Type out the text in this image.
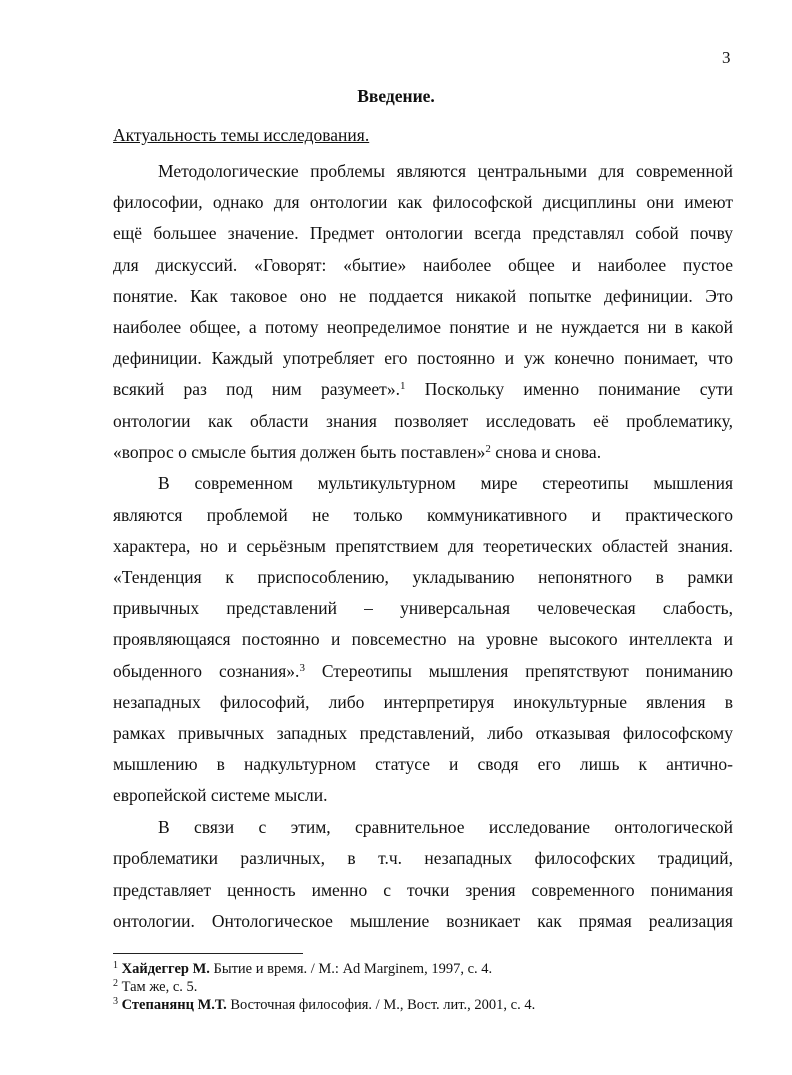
3
Введение.
Актуальность темы исследования.
Методологические проблемы являются центральными для современной
философии, однако для онтологии как философской дисциплины они имеют
ещё большее значение. Предмет онтологии всегда представлял собой почву
для дискуссий. «Говорят: «бытие» наиболее общее и наиболее пустое
понятие. Как таковое оно не поддается никакой попытке дефиниции. Это
наиболее общее, а потому неопределимое понятие и не нуждается ни в какой
дефиниции. Каждый употребляет его постоянно и уж конечно понимает, что
всякий раз под ним разумеет».$^1$ Поскольку именно понимание сути
онтологии как области знания позволяет исследовать её проблематику,
«вопрос о смысле бытия должен быть поставлен»$^2$ снова и снова.
В современном мультикультурном мире стереотипы мышления
являются проблемой не только коммуникативного и практического
характера, но и серьёзным препятствием для теоретических областей знания.
«Тенденция к приспособлению, укладыванию непонятного в рамки
привычных представлений – универсальная человеческая слабость,
проявляющаяся постоянно и повсеместно на уровне высокого интеллекта и
обыденного сознания».$^3$ Стереотипы мышления препятствуют пониманию
незападных философий, либо интерпретируя инокультурные явления в
рамках привычных западных представлений, либо отказывая философскому
мышлению в надкультурном статусе и сводя его лишь к антично-
европейской системе мысли.
В связи с этим, сравнительное исследование онтологической
проблематики различных, в т.ч. незападных философских традиций,
представляет ценность именно с точки зрения современного понимания
онтологии. Онтологическое мышление возникает как прямая реализация
$^1$ Хайдеггер М. Бытие и время. / М.: Ad Marginem, 1997, с. 4.
$^2$ Там же, с. 5.
$^3$ Степанянц М.Т. Восточная философия. / М., Вост. лит., 2001, с. 4.
